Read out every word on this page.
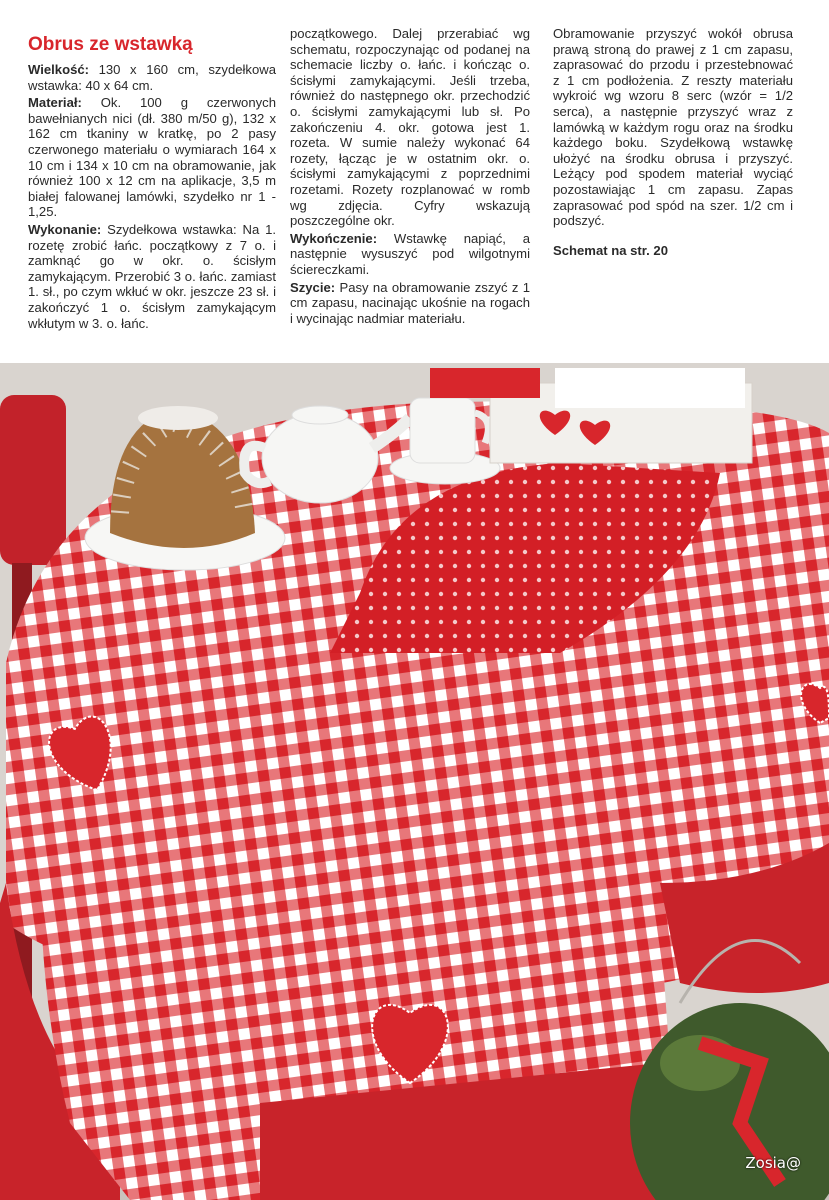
Obrus ze wstawką

Wielkość: 130 x 160 cm, szydełkowa wstawka: 40 x 64 cm.

Materiał: Ok. 100 g czerwonych bawełnianych nici (dł. 380 m/50 g), 132 x 162 cm tkaniny w kratkę, po 2 pasy czerwonego materiału o wymiarach 164 x 10 cm i 134 x 10 cm na obramowanie, jak również 100 x 12 cm na aplikacje, 3,5 m białej falowanej lamówki, szydełko nr 1 - 1,25.

Wykonanie: Szydełkowa wstawka: Na 1. rozetę zrobić łańc. początkowy z 7 o. i zamknąć go w okr. o. ścisłym zamykającym. Przerobić 3 o. łańc. zamiast 1. sł., po czym wkłuć w okr. jeszcze 23 sł. i zakończyć 1 o. ścisłym zamykającym wkłutym w 3. o. łańc.

początkowego. Dalej przerabiać wg schematu, rozpoczynając od podanej na schemacie liczby o. łańc. i kończąc o. ścisłymi zamykającymi. Jeśli trzeba, również do następnego okr. przechodzić o. ścisłymi zamykającymi lub sł. Po zakończeniu 4. okr. gotowa jest 1. rozeta. W sumie należy wykonać 64 rozety, łącząc je w ostatnim okr. o. ścisłymi zamykającymi z poprzednimi rozetami. Rozety rozplanować w romb wg zdjęcia. Cyfry wskazują poszczególne okr.

Wykończenie: Wstawkę napiąć, a następnie wysuszyć pod wilgotnymi ściereczkami.

Szycie: Pasy na obramowanie zszyć z 1 cm zapasu, nacinając ukośnie na rogach i wycinając nadmiar materiału.

Obramowanie przyszyć wokół obrusa prawą stroną do prawej z 1 cm zapasu, zaprasować do przodu i przestebnować z 1 cm podłożenia. Z reszty materiału wykroić wg wzoru 8 serc (wzór = 1/2 serca), a następnie przyszyć wraz z lamówką w każdym rogu oraz na środku każdego boku. Szydełkową wstawkę ułożyć na środku obrusa i przyszyć. Leżący pod spodem materiał wyciąć pozostawiając 1 cm zapasu. Zapas zaprasować pod spód na szer. 1/2 cm i podszyć.

Schemat na str. 20

Zosia@
